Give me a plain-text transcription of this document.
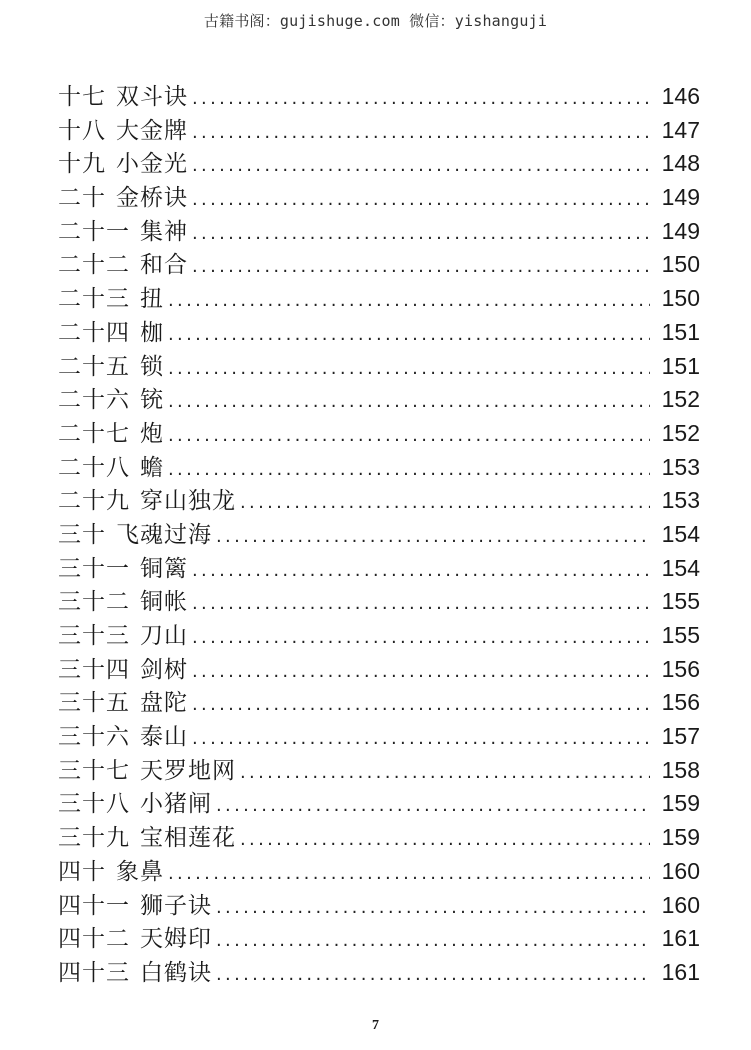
古籍书阁：gujishuge.com 微信：yishanguji
十七 双斗诀 . . .	146
十八 大金牌 . . .	147
十九 小金光 . . .	148
二十 金桥诀 . . .	149
二十一 集神 . . .	149
二十二 和合 . . .	150
二十三 扭 . . .	150
二十四 枷 . . .	151
二十五 锁 . . .	151
二十六 铳 . . .	152
二十七 炮 . . .	152
二十八 蟾 . . .	153
二十九 穿山独龙 . . .	153
三十 飞魂过海 . . .	154
三十一 铜篱 . . .	154
三十二 铜帐 . . .	155
三十三 刀山 . . .	155
三十四 剑树 . . .	156
三十五 盘陀 . . .	156
三十六 泰山 . . .	157
三十七 天罗地网 . . .	158
三十八 小猪闸 . . .	159
三十九 宝相莲花 . . .	159
四十 象鼻 . . .	160
四十一 狮子诀 . . .	160
四十二 天姆印 . . .	161
四十三 白鹤诀 . . .	161
7
